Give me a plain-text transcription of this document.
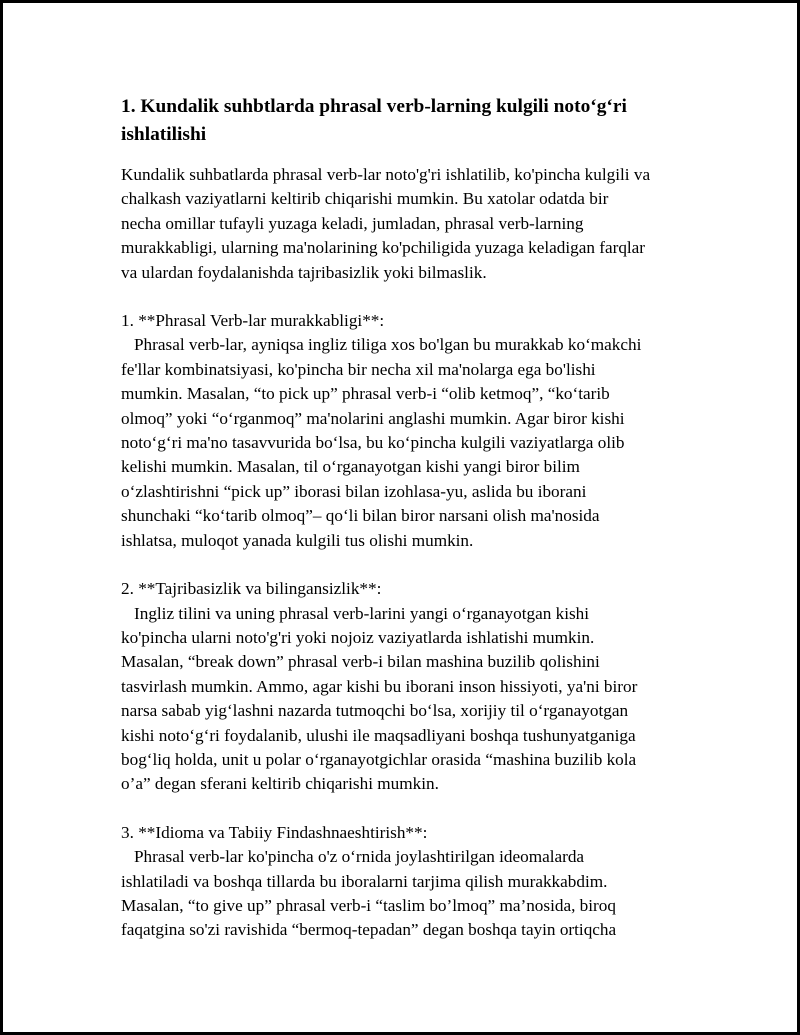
1. Kundalik suhbtlarda phrasal verb-larning kulgili noto‘g‘ri
ishlatilishi

Kundalik suhbatlarda phrasal verb-lar noto'g'ri ishlatilib, ko'pincha kulgili va
chalkash vaziyatlarni keltirib chiqarishi mumkin. Bu xatolar odatda bir
necha omillar tufayli yuzaga keladi, jumladan, phrasal verb-larning
murakkabligi, ularning ma'nolarining ko'pchiligida yuzaga keladigan farqlar
va ulardan foydalanishda tajribasizlik yoki bilmaslik.

1. **Phrasal Verb-lar murakkabligi**:

Phrasal verb-lar, ayniqsa ingliz tiliga xos bo'lgan bu murakkab ko‘makchi
fe'llar kombinatsiyasi, ko'pincha bir necha xil ma'nolarga ega bo'lishi
mumkin. Masalan, “to pick up” phrasal verb-i “olib ketmoq”, “ko‘tarib
olmoq” yoki “o‘rganmoq” ma'nolarini anglashi mumkin. Agar biror kishi
noto‘g‘ri ma'no tasavvurida bo‘lsa, bu ko‘pincha kulgili vaziyatlarga olib
kelishi mumkin. Masalan, til o‘rganayotgan kishi yangi biror bilim
o‘zlashtirishni “pick up” iborasi bilan izohlasa-yu, aslida bu iborani
shunchaki “ko‘tarib olmoq”– qo‘li bilan biror narsani olish ma'nosida
ishlatsa, muloqot yanada kulgili tus olishi mumkin.

2. **Tajribasizlik va bilingansizlik**:

Ingliz tilini va uning phrasal verb-larini yangi o‘rganayotgan kishi
ko'pincha ularni noto'g'ri yoki nojoiz vaziyatlarda ishlatishi mumkin.
Masalan, “break down” phrasal verb-i bilan mashina buzilib qolishini
tasvirlash mumkin. Ammo, agar kishi bu iborani inson hissiyoti, ya'ni biror
narsa sabab yig‘lashni nazarda tutmoqchi bo‘lsa, xorijiy til o‘rganayotgan
kishi noto‘g‘ri foydalanib, ulushi ile maqsadliyani boshqa tushunyatganiga
bog‘liq holda, unit u polar o‘rganayotgichlar orasida “mashina buzilib kola
o’a” degan sferani keltirib chiqarishi mumkin.

3. **Idioma va Tabiiy Findashnaeshtirish**:

Phrasal verb-lar ko'pincha o'z o‘rnida joylashtirilgan ideomalarda
ishlatiladi va boshqa tillarda bu iboralarni tarjima qilish murakkabdim.
Masalan, “to give up” phrasal verb-i “taslim bo’lmoq” ma’nosida, biroq
faqatgina so'zi ravishida “bermoq-tepadan” degan boshqa tayin ortiqcha
